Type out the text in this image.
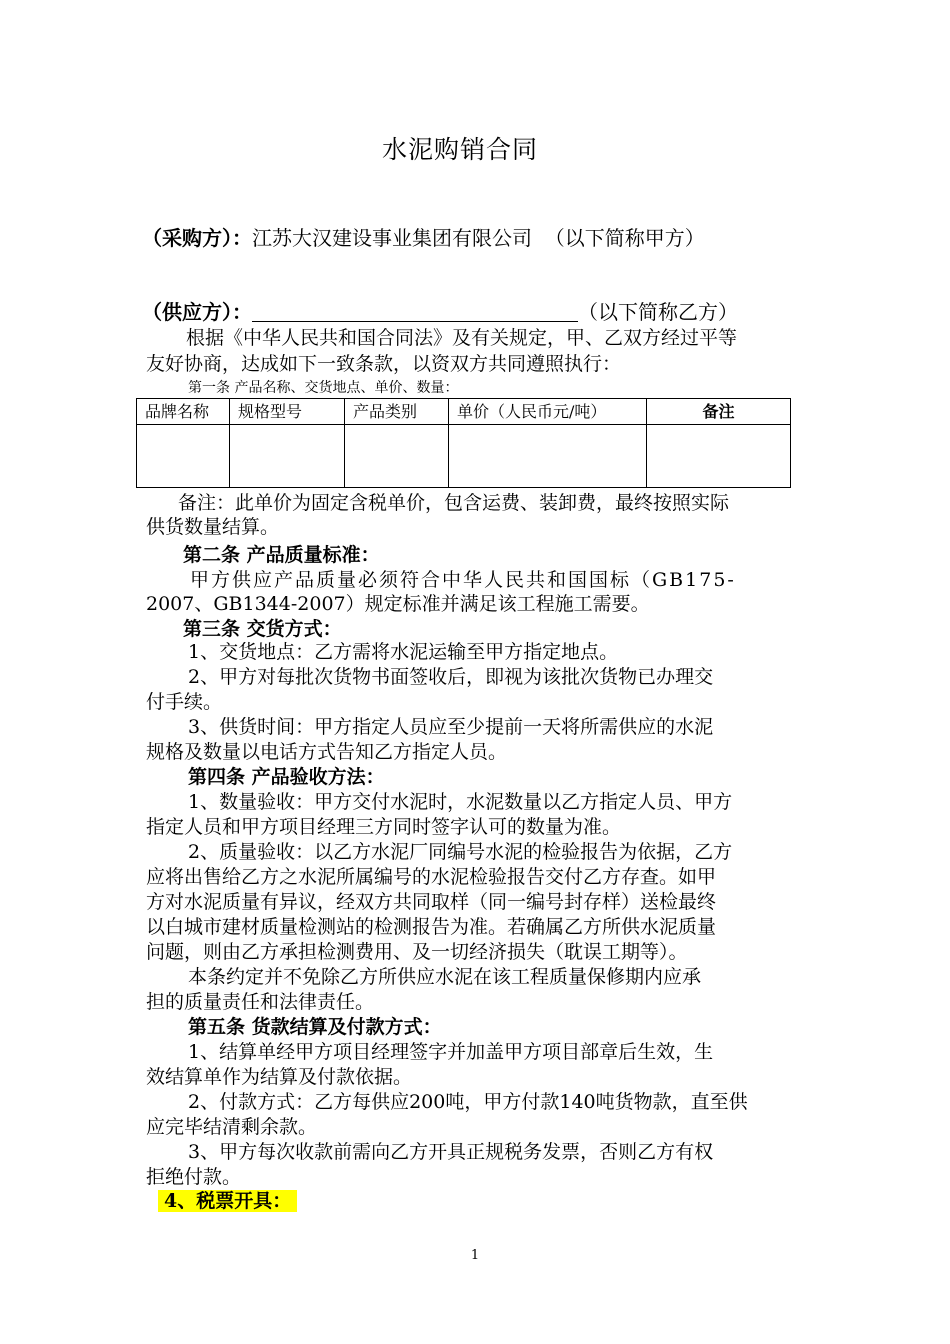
水泥购销合同
（采购方）：江苏大汉建设事业集团有限公司 （以下简称甲方）
（供应方）：	（以下简称乙方）
根据《中华人民共和国合同法》及有关规定，甲、乙双方经过平等
友好协商，达成如下一致条款，以资双方共同遵照执行：
第一条 产品名称、交货地点、单价、数量：
品牌名称	规格型号	产品类别	单价（人民币元/吨）	备注

备注：此单价为固定含税单价，包含运费、装卸费，最终按照实际
供货数量结算。
第二条 产品质量标准：
甲方供应产品质量必须符合中华人民共和国国标（GB175-
2007、GB1344-2007）规定标准并满足该工程施工需要。
第三条 交货方式：
1、交货地点：乙方需将水泥运输至甲方指定地点。
2、甲方对每批次货物书面签收后，即视为该批次货物已办理交
付手续。
3、供货时间：甲方指定人员应至少提前一天将所需供应的水泥
规格及数量以电话方式告知乙方指定人员。
第四条 产品验收方法：
1、数量验收：甲方交付水泥时，水泥数量以乙方指定人员、甲方
指定人员和甲方项目经理三方同时签字认可的数量为准。
2、质量验收：以乙方水泥厂同编号水泥的检验报告为依据，乙方
应将出售给乙方之水泥所属编号的水泥检验报告交付乙方存查。如甲
方对水泥质量有异议，经双方共同取样（同一编号封存样）送检最终
以白城市建材质量检测站的检测报告为准。若确属乙方所供水泥质量
问题，则由乙方承担检测费用、及一切经济损失（耽误工期等）。
本条约定并不免除乙方所供应水泥在该工程质量保修期内应承
担的质量责任和法律责任。
第五条 货款结算及付款方式：
1、结算单经甲方项目经理签字并加盖甲方项目部章后生效，生
效结算单作为结算及付款依据。
2、付款方式：乙方每供应200吨，甲方付款140吨货物款，直至供
应完毕结清剩余款。
3、甲方每次收款前需向乙方开具正规税务发票，否则乙方有权
拒绝付款。
4、税票开具：
1
